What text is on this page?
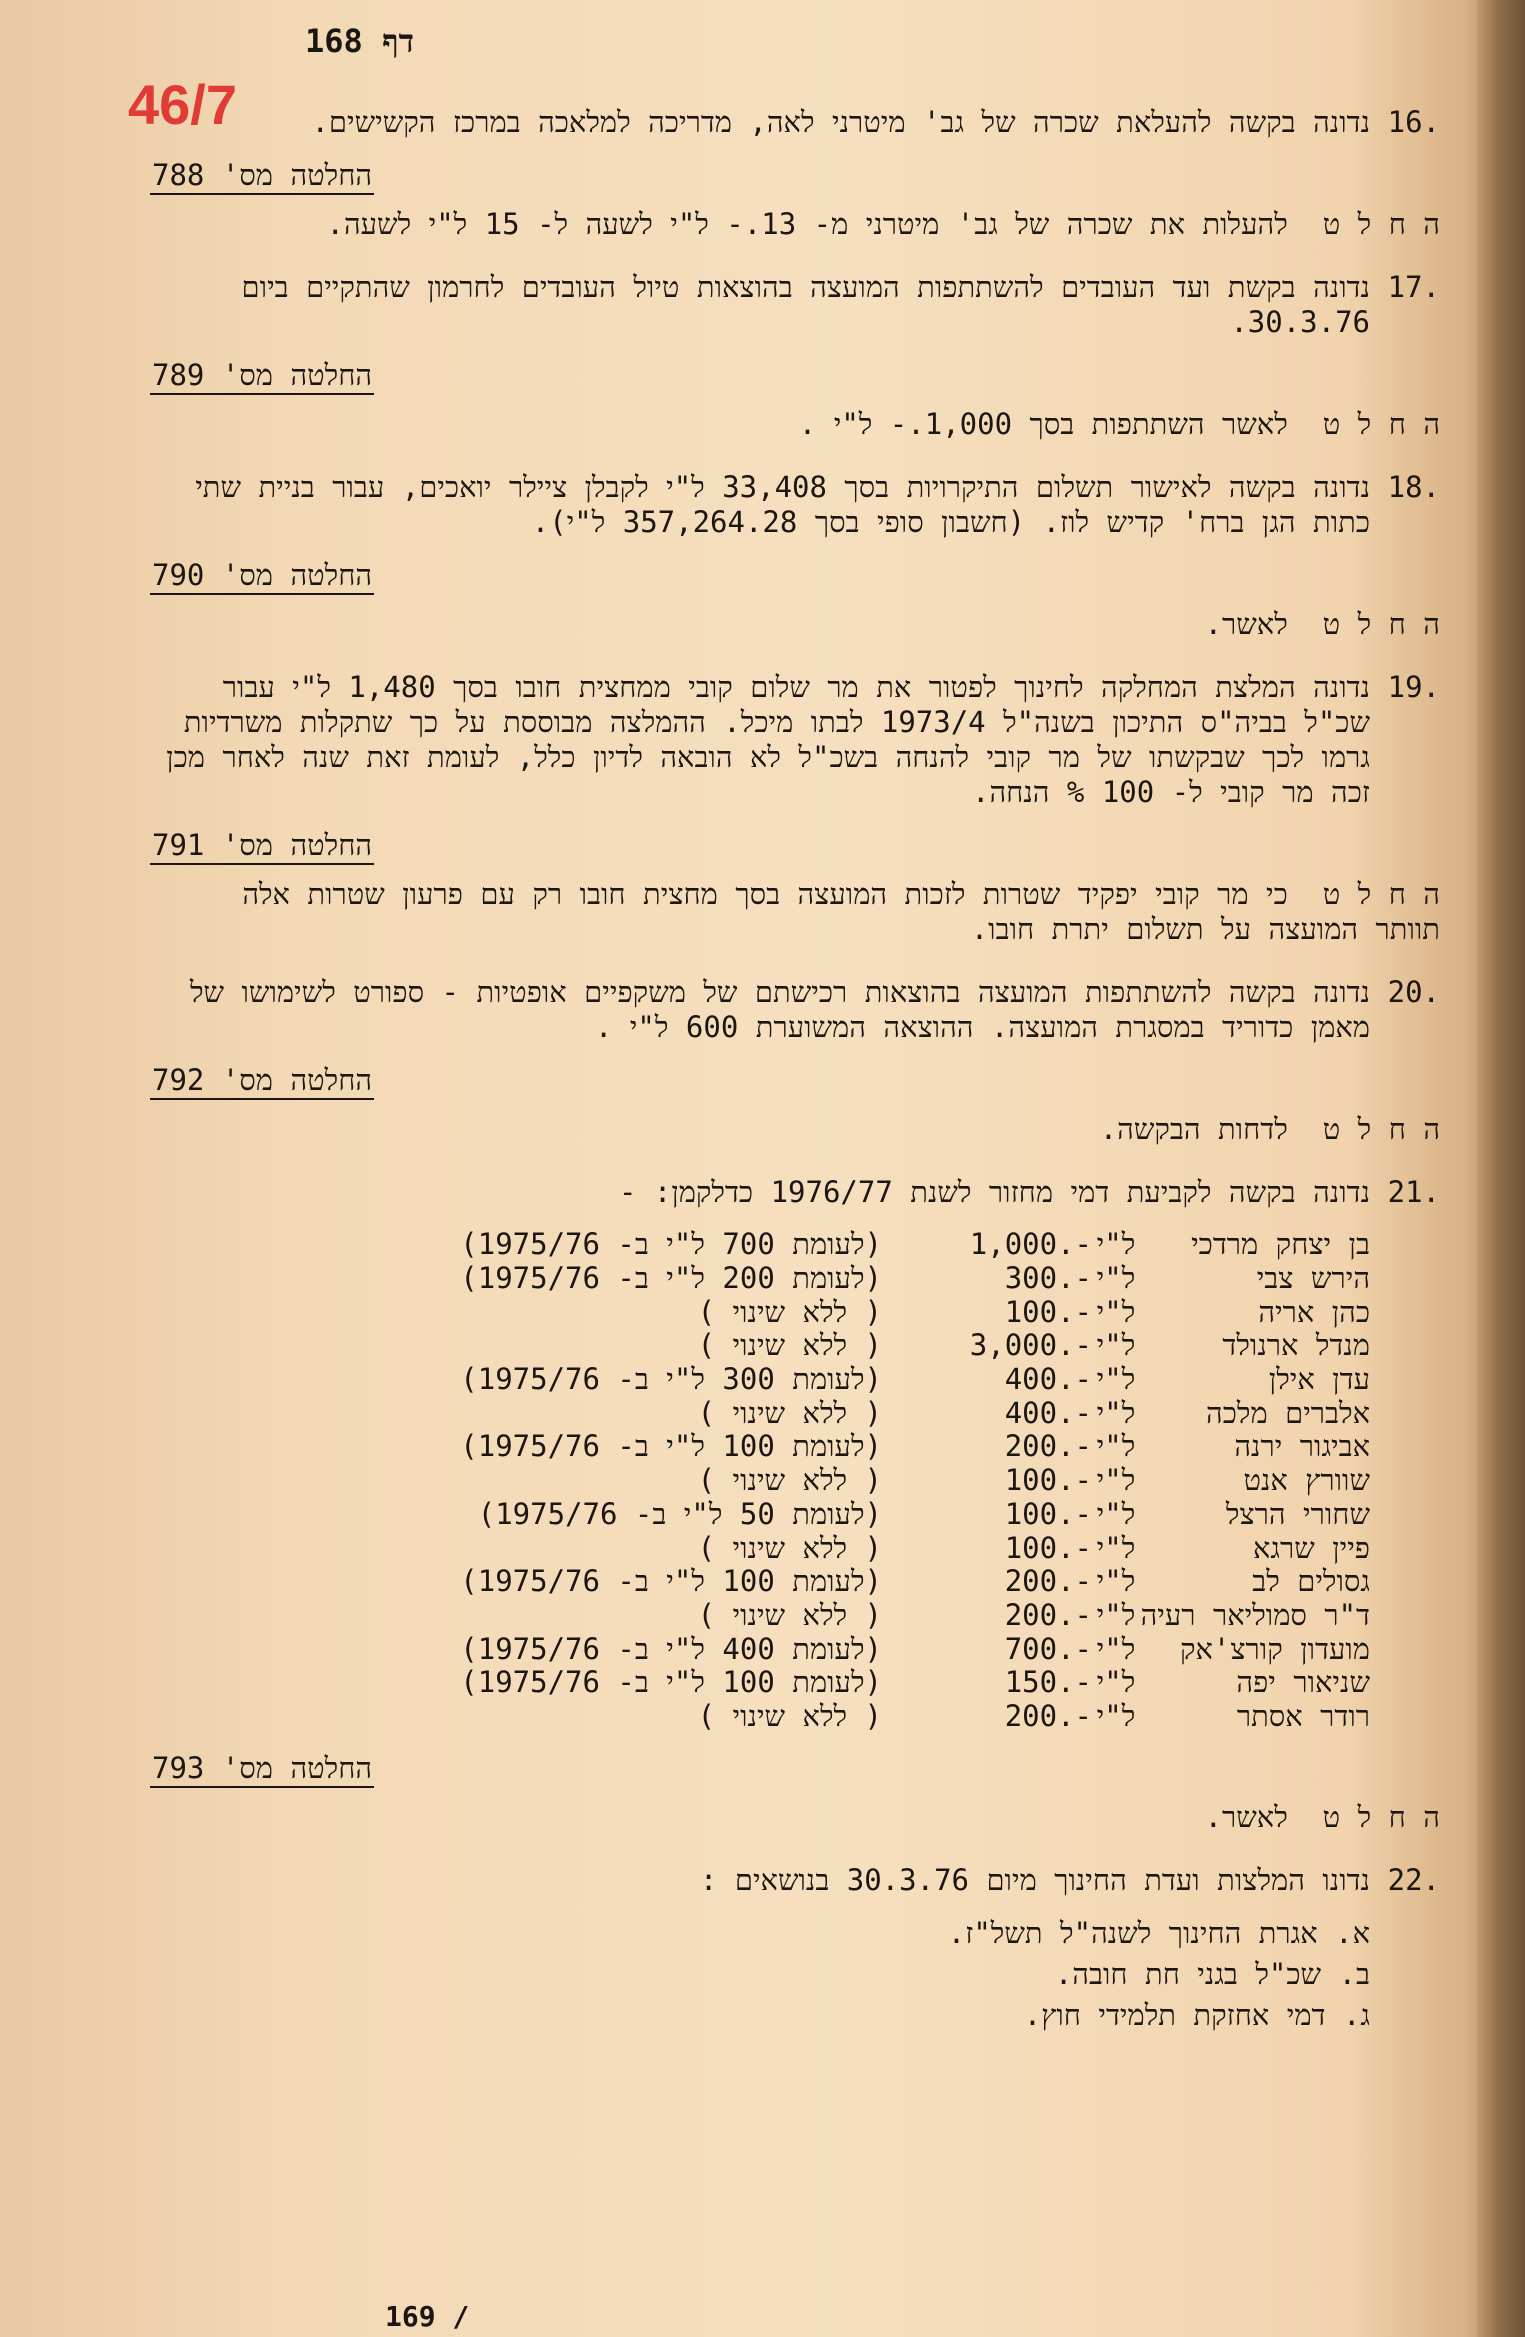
דף 168
46/7	.16
נדונה בקשה להעלאת שכרה של גב' מיטרני לאה, מדריכה למלאכה במרכז הקשישים.
החלטה מס' 788
ה ח ל ט  להעלות את שכרה של גב' מיטרני מ- 13.- ל"י לשעה ל- 15 ל"י לשעה.
.17
נדונה בקשת ועד העובדים להשתתפות המועצה בהוצאות טיול העובדים לחרמון שהתקיים ביום 30.3.76.
החלטה מס' 789
ה ח ל ט  לאשר השתתפות בסך 1,000.- ל"י .
.18
נדונה בקשה לאישור תשלום התיקרויות בסך 33,408 ל"י לקבלן ציילר יואכים, עבור בניית שתי כתות הגן ברח' קדיש לוז. (חשבון סופי בסך 357,264.28 ל"י).
החלטה מס' 790
ה ח ל ט  לאשר.
.19
נדונה המלצת המחלקה לחינוך לפטור את מר שלום קובי ממחצית חובו בסך 1,480 ל"י עבור שכ"ל בביה"ס התיכון בשנה"ל 1973/4 לבתו מיכל. ההמלצה מבוססת על כך שתקלות משרדיות גרמו לכך שבקשתו של מר קובי להנחה בשכ"ל לא הובאה לדיון כלל, לעומת זאת שנה לאחר מכן זכה מר קובי ל- 100 % הנחה.
החלטה מס' 791
ה ח ל ט  כי מר קובי יפקיד שטרות לזכות המועצה בסך מחצית חובו רק עם פרעון שטרות אלה תוותר המועצה על תשלום יתרת חובו.
.20
נדונה בקשה להשתתפות המועצה בהוצאות רכישתם של משקפיים אופטיות - ספורט לשימושו של מאמן כדוריד במסגרת המועצה. ההוצאה המשוערת 600 ל"י .
החלטה מס' 792
ה ח ל ט  לדחות הבקשה.
.21
נדונה בקשה לקביעת דמי מחזור לשנת 1976/77 כדלקמן: -
בן יצחק מרדכי
ל"י
1,000.-
(לעומת 700 ל"י ב- 1975/76)
הירש צבי
ל"י
300.-
(לעומת 200 ל"י ב- 1975/76)
כהן אריה
ל"י
100.-
( ללא שינוי )
מנדל ארנולד
ל"י
3,000.-
( ללא שינוי )
עדן אילן
ל"י
400.-
(לעומת 300 ל"י ב- 1975/76)
אלברים מלכה
ל"י
400.-
( ללא שינוי )
אביגור ירנה
ל"י
200.-
(לעומת 100 ל"י ב- 1975/76)
שוורץ אנט
ל"י
100.-
( ללא שינוי )
שחורי הרצל
ל"י
100.-
(לעומת 50 ל"י ב- 1975/76)
פיין שרגא
ל"י
100.-
( ללא שינוי )
גסולים לב
ל"י
200.-
(לעומת 100 ל"י ב- 1975/76)
ד"ר סמוליאר רעיה
ל"י
200.-
( ללא שינוי )
מועדון קורצ'אק
ל"י
700.-
(לעומת 400 ל"י ב- 1975/76)
שניאור יפה
ל"י
150.-
(לעומת 100 ל"י ב- 1975/76)
רודר אסתר
ל"י
200.-
( ללא שינוי )
החלטה מס' 793
ה ח ל ט  לאשר.
.22
נדונו המלצות ועדת החינוך מיום 30.3.76 בנושאים :
א. אגרת החינוך לשנה"ל תשל"ז.
ב. שכ"ל בגני חת חובה.
ג. דמי אחזקת תלמידי חוץ.
169 /
